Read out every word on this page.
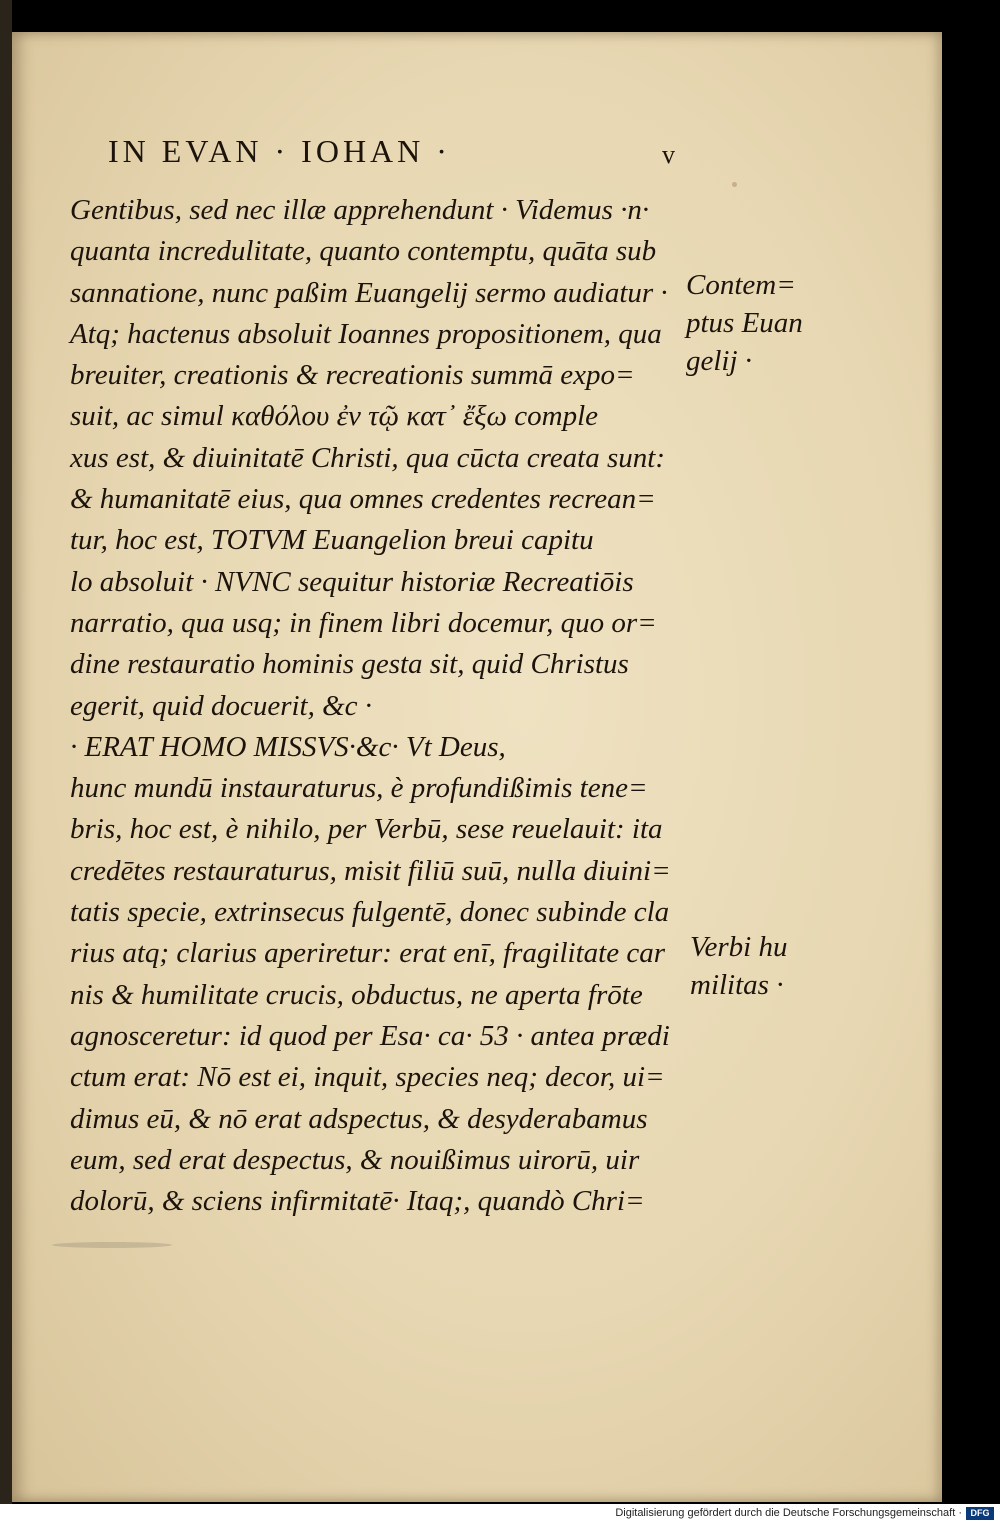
IN EVAN · IOHAN ·	v
Gentibus, sed nec illæ apprehendunt · Videmus ·n·
quanta incredulitate, quanto contemptu, quāta sub
sannatione, nunc paßim Euangelij sermo audiatur ·
Atq; hactenus absoluit Ioannes propositionem, qua
breuiter, creationis & recreationis summā expo=
suit, ac simul καθόλου ἐν τῷ κατ᾽ ἔξω comple
xus est, & diuinitatē Christi, qua cūcta creata sunt:
& humanitatē eius, qua omnes credentes recrean=
tur, hoc est, TOTVM Euangelion breui capitu
lo absoluit · NVNC sequitur historiæ Recreatiōis
narratio, qua usq; in finem libri docemur, quo or=
dine restauratio hominis gesta sit, quid Christus
egerit, quid docuerit, &c ·
· ERAT HOMO MISSVS·&c· Vt Deus,
hunc mundū instauraturus, è profundißimis tene=
bris, hoc est, è nihilo, per Verbū, sese reuelauit: ita
credētes restauraturus, misit filiū suū, nulla diuini=
tatis specie, extrinsecus fulgentē, donec subinde cla
rius atq; clarius aperiretur: erat enī, fragilitate car
nis & humilitate crucis, obductus, ne aperta frōte
agnosceretur: id quod per Esa· ca· 53 · antea prædi
ctum erat: Nō est ei, inquit, species neq; decor, ui=
dimus eū, & nō erat adspectus, & desyderabamus
eum, sed erat despectus, & nouißimus uirorū, uir
dolorū, & sciens infirmitatē· Itaq;, quandò Chri=
Contem=
ptus Euan
gelij ·
Verbi hu
militas ·
Digitalisierung gefördert durch die Deutsche Forschungsgemeinschaft · DFG
